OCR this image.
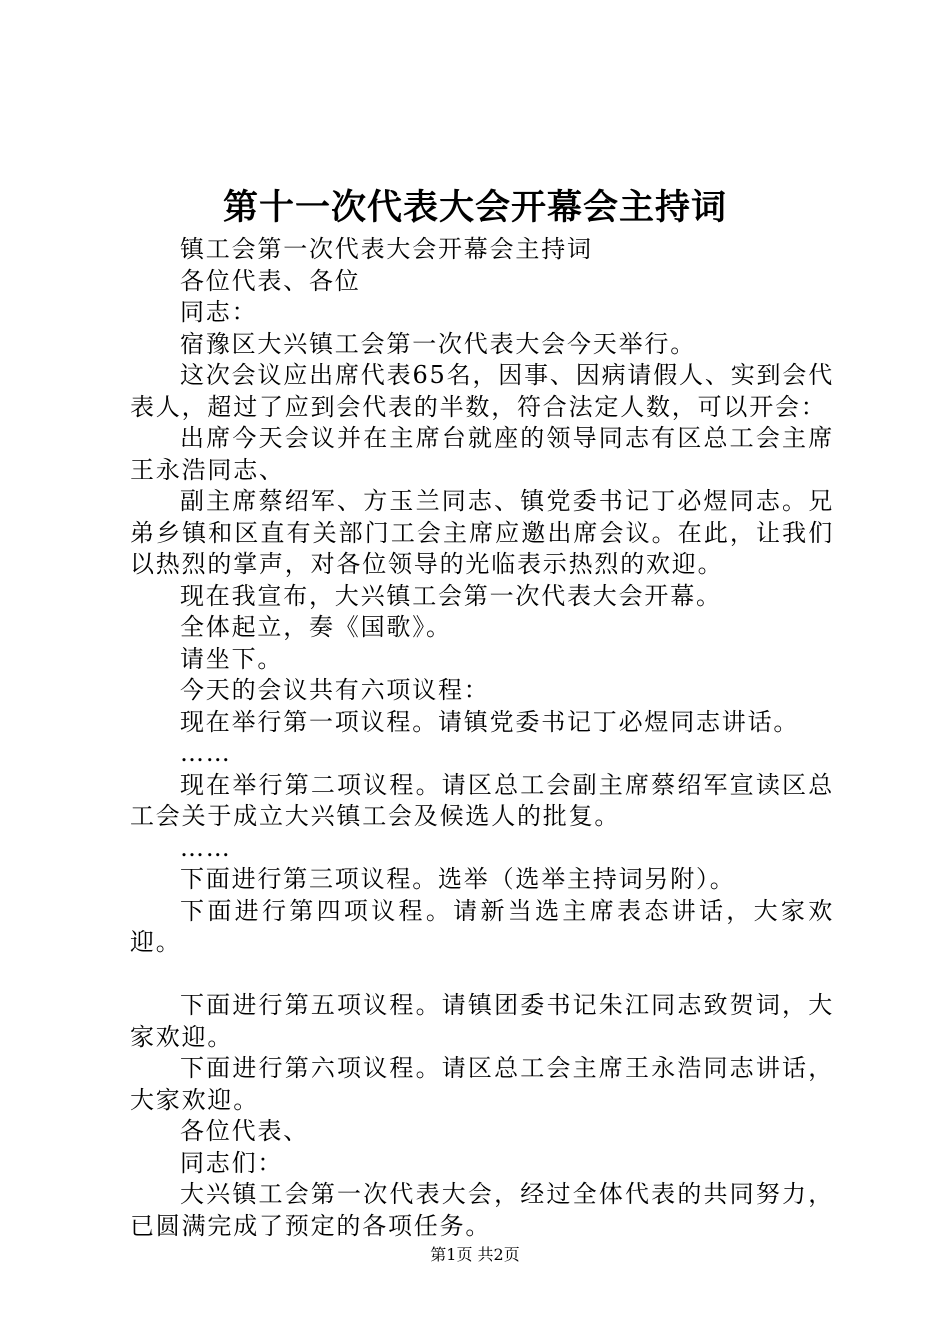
第十一次代表大会开幕会主持词

镇工会第一次代表大会开幕会主持词

各位代表、各位

同志：

宿豫区大兴镇工会第一次代表大会今天举行。

这次会议应出席代表65名，因事、因病请假人、实到会代表人，超过了应到会代表的半数，符合法定人数，可以开会：

出席今天会议并在主席台就座的领导同志有区总工会主席王永浩同志、

副主席蔡绍军、方玉兰同志、镇党委书记丁必煜同志。兄弟乡镇和区直有关部门工会主席应邀出席会议。在此，让我们以热烈的掌声，对各位领导的光临表示热烈的欢迎。

现在我宣布，大兴镇工会第一次代表大会开幕。

全体起立，奏《国歌》。

请坐下。

今天的会议共有六项议程：

现在举行第一项议程。请镇党委书记丁必煜同志讲话。

……

现在举行第二项议程。请区总工会副主席蔡绍军宣读区总工会关于成立大兴镇工会及候选人的批复。

……

下面进行第三项议程。选举（选举主持词另附）。

下面进行第四项议程。请新当选主席表态讲话，大家欢迎。

下面进行第五项议程。请镇团委书记朱江同志致贺词，大家欢迎。

下面进行第六项议程。请区总工会主席王永浩同志讲话，大家欢迎。

各位代表、

同志们：

大兴镇工会第一次代表大会，经过全体代表的共同努力，已圆满完成了预定的各项任务。

第1页 共2页
